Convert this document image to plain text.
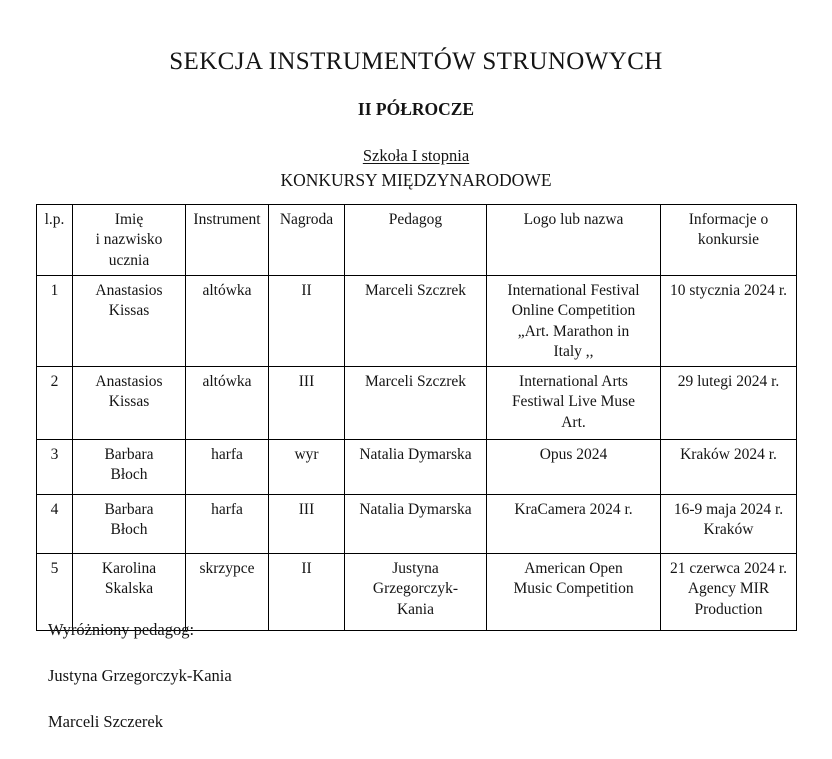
SEKCJA INSTRUMENTÓW STRUNOWYCH
II PÓŁROCZE

Szkoła I stopnia

KONKURSY MIĘDZYNARODOWE

l.p.	Imię
i nazwisko
ucznia	Instrument	Nagroda	Pedagog	Logo lub nazwa	Informacje o
konkursie
1	Anastasios
Kissas	altówka	II	Marceli Szczrek	International Festival
Online Competition
„Art. Marathon in
Italy ,,	10 stycznia 2024 r.
2	Anastasios
Kissas	altówka	III	Marceli Szczrek	International Arts
Festiwal Live Muse
Art.	29 lutegi 2024 r.
3	Barbara
Błoch	harfa	wyr	Natalia Dymarska	Opus 2024	Kraków 2024 r.
4	Barbara
Błoch	harfa	III	Natalia Dymarska	KraCamera 2024 r.	16-9 maja 2024 r.
Kraków
5	Karolina
Skalska	skrzypce	II	Justyna
Grzegorczyk-
Kania	American Open
Music Competition	21 czerwca 2024 r.
Agency MIR
Production

Wyróżniony pedagog:

Justyna Grzegorczyk-Kania

Marceli Szczerek
